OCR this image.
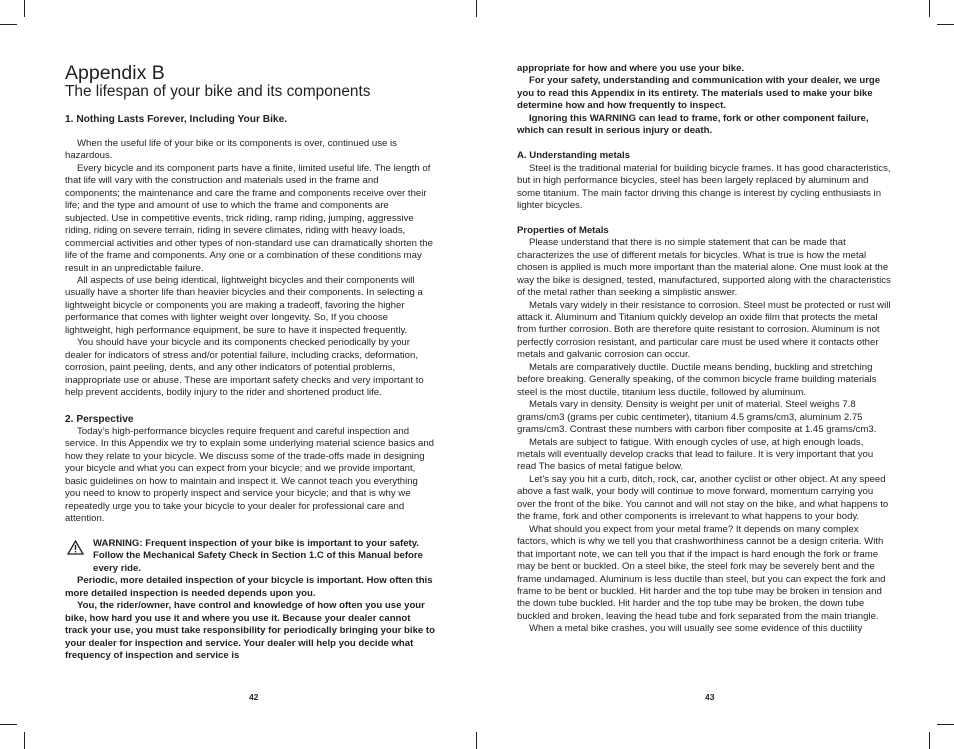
Appendix B
The lifespan of your bike and its components

1. Nothing Lasts Forever, Including Your Bike.

When the useful life of your bike or its components is over, continued use is hazardous.

Every bicycle and its component parts have a finite, limited useful life. The length of that life will vary with the construction and materials used in the frame and components; the maintenance and care the frame and components receive over their life; and the type and amount of use to which the frame and components are subjected. Use in competitive events, trick riding, ramp riding, jumping, aggressive riding, riding on severe terrain, riding in severe climates, riding with heavy loads, commercial activities and other types of non-standard use can dramatically shorten the life of the frame and components. Any one or a combination of these conditions may result in an unpredictable failure.

All aspects of use being identical, lightweight bicycles and their components will usually have a shorter life than heavier bicycles and their components. In selecting a lightweight bicycle or components you are making a tradeoff, favoring the higher performance that comes with lighter weight over longevity. So, If you choose lightweight, high performance equipment, be sure to have it inspected frequently.

You should have your bicycle and its components checked periodically by your dealer for indicators of stress and/or potential failure, including cracks, deformation, corrosion, paint peeling, dents, and any other indicators of potential problems, inappropriate use or abuse. These are important safety checks and very important to help prevent accidents, bodily injury to the rider and shortened product life.

2. Perspective

Today’s high-performance bicycles require frequent and careful inspection and service. In this Appendix we try to explain some underlying material science basics and how they relate to your bicycle. We discuss some of the trade-offs made in designing your bicycle and what you can expect from your bicycle; and we provide important, basic guidelines on how to maintain and inspect it. We cannot teach you everything you need to know to properly inspect and service your bicycle; and that is why we repeatedly urge you to take your bicycle to your dealer for professional care and attention.

WARNING: Frequent inspection of your bike is important to your safety. Follow the Mechanical Safety Check in Section 1.C of this Manual before every ride.

Periodic, more detailed inspection of your bicycle is important. How often this more detailed inspection is needed depends upon you.

You, the rider/owner, have control and knowledge of how often you use your bike, how hard you use it and where you use it. Because your dealer cannot track your use, you must take responsibility for periodically bringing your bike to your dealer for inspection and service. Your dealer will help you decide what frequency of inspection and service is

42

appropriate for how and where you use your bike.

For your safety, understanding and communication with your dealer, we urge you to read this Appendix in its entirety. The materials used to make your bike determine how and how frequently to inspect.

Ignoring this WARNING can lead to frame, fork or other component failure, which can result in serious injury or death.

A. Understanding metals

Steel is the traditional material for building bicycle frames. It has good characteristics, but in high performance bicycles, steel has been largely replaced by aluminum and some titanium. The main factor driving this change is interest by cycling enthusiasts in lighter bicycles.

Properties of Metals

Please understand that there is no simple statement that can be made that characterizes the use of different metals for bicycles. What is true is how the metal chosen is applied is much more important than the material alone. One must look at the way the bike is designed, tested, manufactured, supported along with the characteristics of the metal rather than seeking a simplistic answer.

Metals vary widely in their resistance to corrosion. Steel must be protected or rust will attack it. Aluminum and Titanium quickly develop an oxide film that protects the metal from further corrosion. Both are therefore quite resistant to corrosion. Aluminum is not perfectly corrosion resistant, and particular care must be used where it contacts other metals and galvanic corrosion can occur.

Metals are comparatively ductile. Ductile means bending, buckling and stretching before breaking. Generally speaking, of the common bicycle frame building materials steel is the most ductile, titanium less ductile, followed by aluminum.

Metals vary in density. Density is weight per unit of material. Steel weighs 7.8 grams/cm3 (grams per cubic centimeter), titanium 4.5 grams/cm3, aluminum 2.75 grams/cm3. Contrast these numbers with carbon fiber composite at 1.45 grams/cm3.

Metals are subject to fatigue. With enough cycles of use, at high enough loads, metals will eventually develop cracks that lead to failure. It is very important that you read The basics of metal fatigue below.

Let’s say you hit a curb, ditch, rock, car, another cyclist or other object. At any speed above a fast walk, your body will continue to move forward, momentum carrying you over the front of the bike. You cannot and will not stay on the bike, and what happens to the frame, fork and other components is irrelevant to what happens to your body.

What should you expect from your metal frame? It depends on many complex factors, which is why we tell you that crashworthiness cannot be a design criteria. With that important note, we can tell you that if the impact is hard enough the fork or frame may be bent or buckled. On a steel bike, the steel fork may be severely bent and the frame undamaged. Aluminum is less ductile than steel, but you can expect the fork and frame to be bent or buckled. Hit harder and the top tube may be broken in tension and the down tube buckled. Hit harder and the top tube may be broken, the down tube buckled and broken, leaving the head tube and fork separated from the main triangle.

When a metal bike crashes, you will usually see some evidence of this ductility

43
